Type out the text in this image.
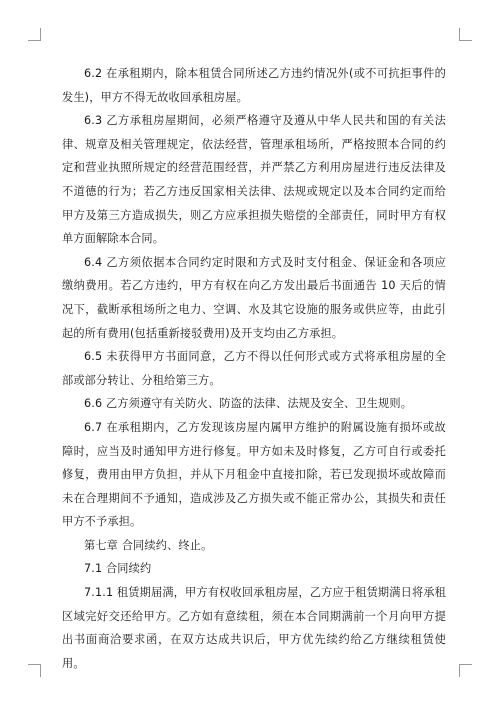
6.2 在承租期内，除本租赁合同所述乙方违约情况外(或不可抗拒事件的发生)，甲方不得无故收回承租房屋。

6.3 乙方承租房屋期间，必须严格遵守及遵从中华人民共和国的有关法律、规章及相关管理规定，依法经营，管理承租场所，严格按照本合同的约定和营业执照所规定的经营范围经营，并严禁乙方利用房屋进行违反法律及不道德的行为；若乙方违反国家相关法律、法规或规定以及本合同约定而给甲方及第三方造成损失，则乙方应承担损失赔偿的全部责任，同时甲方有权单方面解除本合同。

6.4 乙方须依据本合同约定时限和方式及时支付租金、保证金和各项应缴纳费用。若乙方违约，甲方有权在向乙方发出最后书面通告 10 天后的情况下，截断承租场所之电力、空调、水及其它设施的服务或供应等，由此引起的所有费用(包括重新接驳费用)及开支均由乙方承担。

6.5 未获得甲方书面同意，乙方不得以任何形式或方式将承租房屋的全部或部分转让、分租给第三方。

6.6 乙方须遵守有关防火、防盗的法律、法规及安全、卫生规则。

6.7 在承租期内，乙方发现该房屋内属甲方维护的附属设施有损坏或故障时，应当及时通知甲方进行修复。甲方如未及时修复，乙方可自行或委托修复，费用由甲方负担，并从下月租金中直接扣除，若已发现损坏或故障而未在合理期间不予通知，造成涉及乙方损失或不能正常办公，其损失和责任甲方不予承担。

第七章 合同续约、终止。

7.1 合同续约

7.1.1 租赁期届满，甲方有权收回承租房屋，乙方应于租赁期满日将承租区域完好交还给甲方。乙方如有意续租，须在本合同期满前一个月向甲方提出书面商洽要求函，在双方达成共识后，甲方优先续约给乙方继续租赁使用。
